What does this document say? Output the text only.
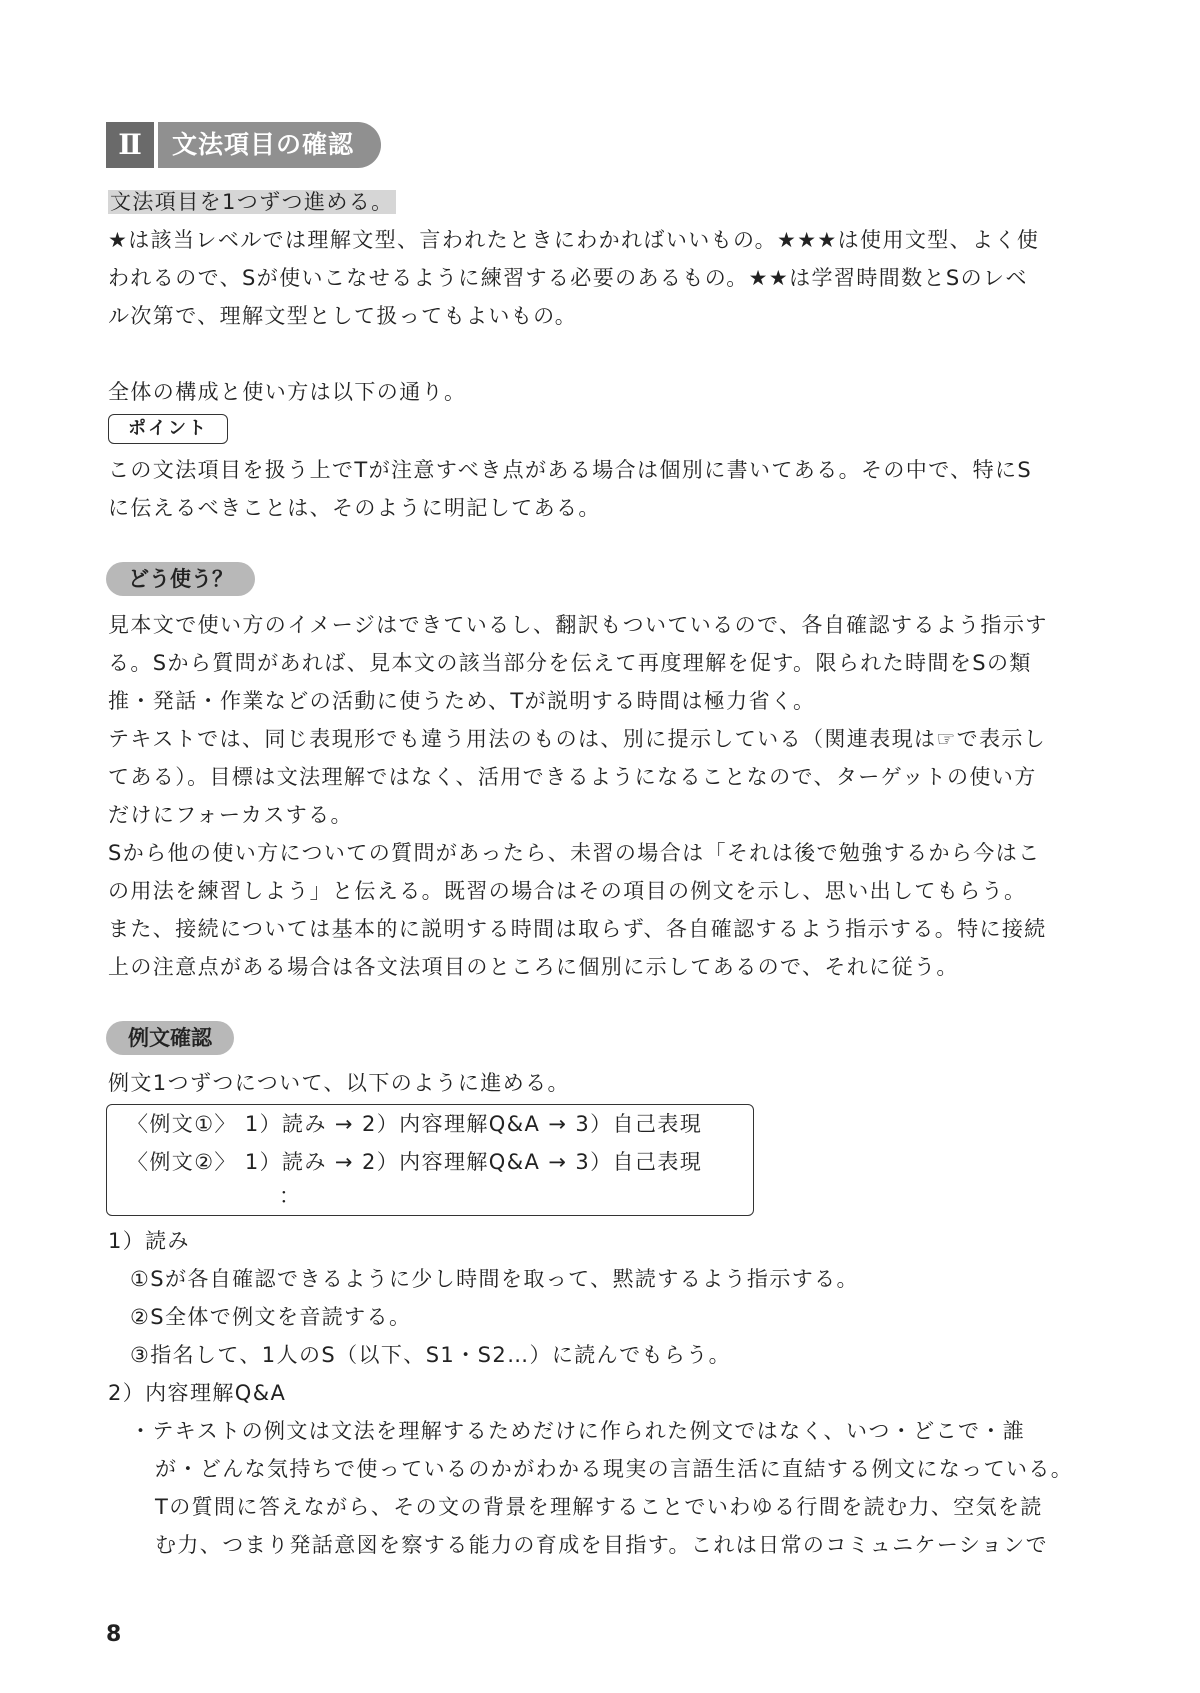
Ⅱ	文法項目の確認
文法項目を1つずつ進める。
★は該当レベルでは理解文型、言われたときにわかればいいもの。★★★は使用文型、よく使
われるので、Sが使いこなせるように練習する必要のあるもの。★★は学習時間数とSのレベ
ル次第で、理解文型として扱ってもよいもの。
全体の構成と使い方は以下の通り。
ポイント
この文法項目を扱う上でTが注意すべき点がある場合は個別に書いてある。その中で、特にS
に伝えるべきことは、そのように明記してある。
どう使う？
見本文で使い方のイメージはできているし、翻訳もついているので、各自確認するよう指示す
る。Sから質問があれば、見本文の該当部分を伝えて再度理解を促す。限られた時間をSの類
推・発話・作業などの活動に使うため、Tが説明する時間は極力省く。
テキストでは、同じ表現形でも違う用法のものは、別に提示している（関連表現は☞で表示し
てある）。目標は文法理解ではなく、活用できるようになることなので、ターゲットの使い方
だけにフォーカスする。
Sから他の使い方についての質問があったら、未習の場合は「それは後で勉強するから今はこ
の用法を練習しよう」と伝える。既習の場合はその項目の例文を示し、思い出してもらう。
また、接続については基本的に説明する時間は取らず、各自確認するよう指示する。特に接続
上の注意点がある場合は各文法項目のところに個別に示してあるので、それに従う。
例文確認
例文1つずつについて、以下のように進める。
〈例文①〉 1）読み → 2）内容理解Q&A → 3）自己表現
〈例文②〉 1）読み → 2）内容理解Q&A → 3）自己表現
：
1）読み
①Sが各自確認できるように少し時間を取って、黙読するよう指示する。
②S全体で例文を音読する。
③指名して、1人のS（以下、S1・S2…）に読んでもらう。
2）内容理解Q&A
・テキストの例文は文法を理解するためだけに作られた例文ではなく、いつ・どこで・誰
が・どんな気持ちで使っているのかがわかる現実の言語生活に直結する例文になっている。
Tの質問に答えながら、その文の背景を理解することでいわゆる行間を読む力、空気を読
む力、つまり発話意図を察する能力の育成を目指す。これは日常のコミュニケーションで
8
